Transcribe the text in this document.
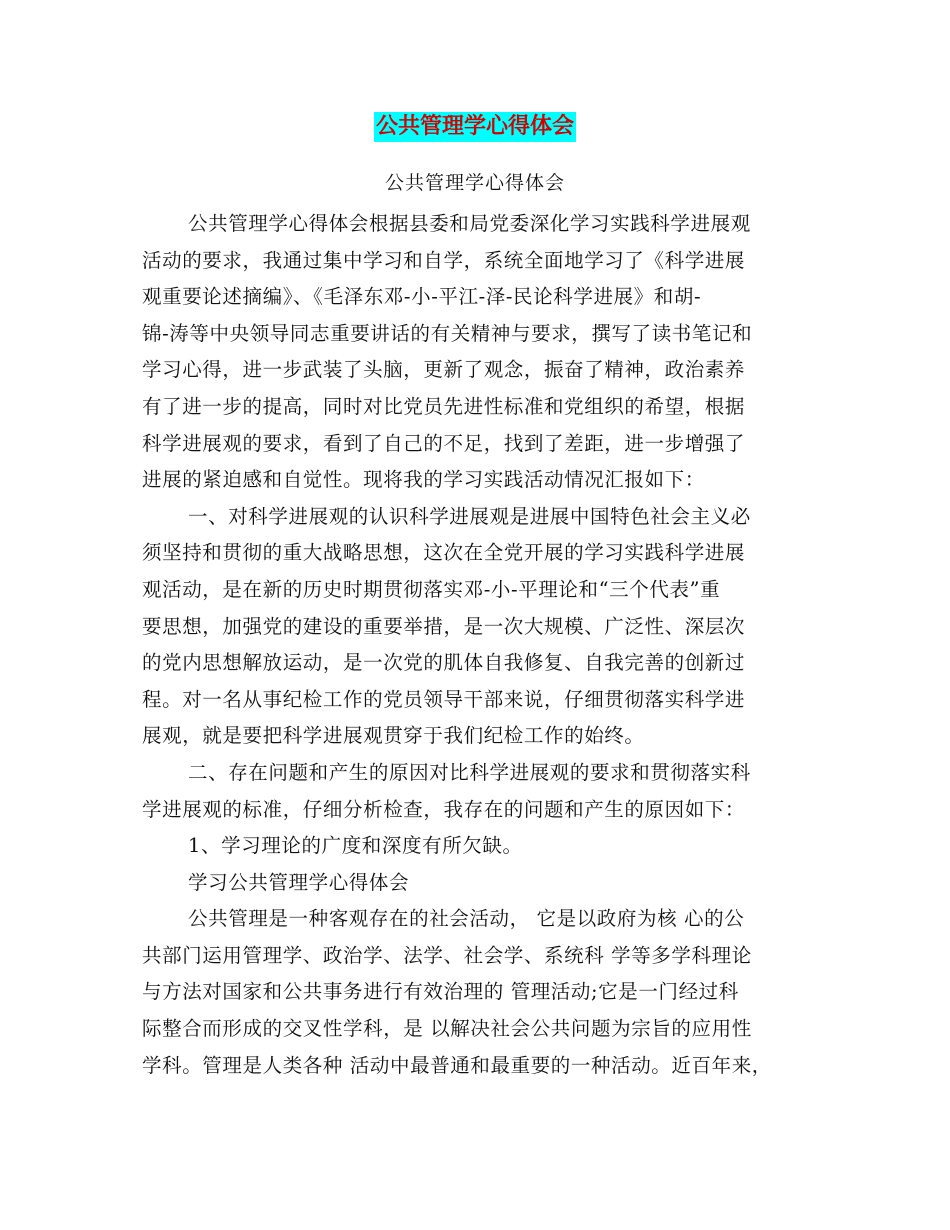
公共管理学心得体会
公共管理学心得体会
公共管理学心得体会根据县委和局党委深化学习实践科学进展观
活动的要求，我通过集中学习和自学，系统全面地学习了《科学进展
观重要论述摘编》、《毛泽东邓-小-平江-泽-民论科学进展》和胡-
锦-涛等中央领导同志重要讲话的有关精神与要求，撰写了读书笔记和
学习心得，进一步武装了头脑，更新了观念，振奋了精神，政治素养
有了进一步的提高，同时对比党员先进性标准和党组织的希望，根据
科学进展观的要求，看到了自己的不足，找到了差距，进一步增强了
进展的紧迫感和自觉性。现将我的学习实践活动情况汇报如下：
一、对科学进展观的认识科学进展观是进展中国特色社会主义必
须坚持和贯彻的重大战略思想，这次在全党开展的学习实践科学进展
观活动，是在新的历史时期贯彻落实邓-小-平理论和“三个代表”重
要思想，加强党的建设的重要举措，是一次大规模、广泛性、深层次
的党内思想解放运动，是一次党的肌体自我修复、自我完善的创新过
程。对一名从事纪检工作的党员领导干部来说，仔细贯彻落实科学进
展观，就是要把科学进展观贯穿于我们纪检工作的始终。
二、存在问题和产生的原因对比科学进展观的要求和贯彻落实科
学进展观的标准，仔细分析检查，我存在的问题和产生的原因如下：
1、学习理论的广度和深度有所欠缺。
学习公共管理学心得体会
公共管理是一种客观存在的社会活动， 它是以政府为核 心的公
共部门运用管理学、政治学、法学、社会学、系统科 学等多学科理论
与方法对国家和公共事务进行有效治理的 管理活动;它是一门经过科
际整合而形成的交叉性学科，是 以解决社会公共问题为宗旨的应用性
学科。管理是人类各种 活动中最普通和最重要的一种活动。近百年来，
